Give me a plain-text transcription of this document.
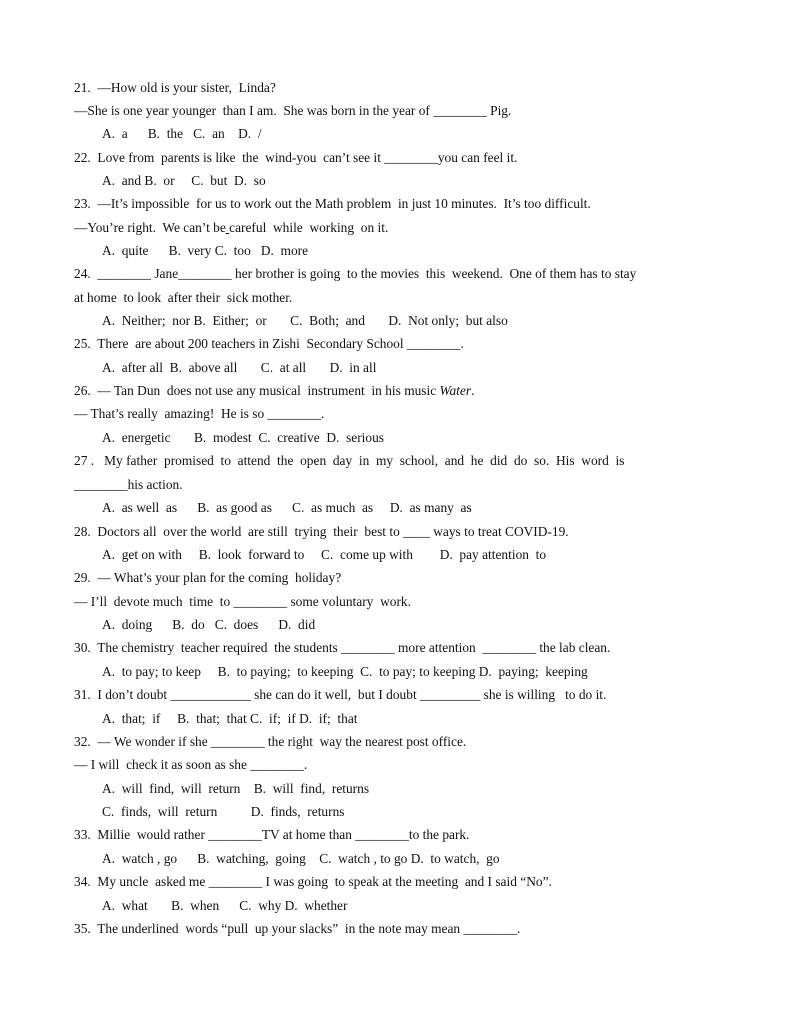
21.  —How old is your sister,  Linda?
—She is one year younger  than I am.  She was born in the year of ________ Pig.
A.  a      B.  the   C.  an    D.  /
22.  Love from  parents is like  the  wind-you  can’t see it ________you can feel it.
A.  and B.  or     C.  but  D.  so
23.  —It’s impossible  for us to work out the Math problem  in just 10 minutes.  It’s too difficult.
—You’re right.  We can’t be careful  while  working  on it.
A.  quite      B.  very C.  too   D.  more
24.  ________ Jane________ her brother is going  to the movies  this  weekend.  One of them has to stay
at home  to look  after their  sick mother.
A.  Neither;  nor B.  Either;  or       C.  Both;  and       D.  Not only;  but also
25.  There  are about 200 teachers in Zishi  Secondary School ________.
A.  after all  B.  above all       C.  at all       D.  in all
26.  — Tan Dun  does not use any musical  instrument  in his music Water.
— That’s really  amazing!  He is so ________.
A.  energetic       B.  modest  C.  creative  D.  serious
27 .   My father  promised  to  attend  the  open  day  in  my  school,  and  he  did  do  so.  His  word  is
________his action.
A.  as well  as      B.  as good as      C.  as much  as     D.  as many  as
28.  Doctors all  over the world  are still  trying  their  best to ____ ways to treat COVID-19.
A.  get on with     B.  look  forward to     C.  come up with        D.  pay attention  to
29.  — What’s your plan for the coming  holiday?
— I’ll  devote much  time  to ________ some voluntary  work.
A.  doing      B.  do   C.  does      D.  did
30.  The chemistry  teacher required  the students ________ more attention  ________ the lab clean.
A.  to pay; to keep     B.  to paying;  to keeping  C.  to pay; to keeping D.  paying;  keeping
31.  I don’t doubt ____________ she can do it well,  but I doubt _________ she is willing   to do it.
A.  that;  if     B.  that;  that C.  if;  if D.  if;  that
32.  — We wonder if she ________ the right  way the nearest post office.
— I will  check it as soon as she ________.
A.  will  find,  will  return    B.  will  find,  returns
C.  finds,  will  return          D.  finds,  returns
33.  Millie  would rather ________TV at home than ________to the park.
A.  watch , go      B.  watching,  going    C.  watch , to go D.  to watch,  go
34.  My uncle  asked me ________ I was going  to speak at the meeting  and I said “No”.
A.  what       B.  when      C.  why D.  whether
35.  The underlined  words “pull  up your slacks”  in the note may mean ________.
